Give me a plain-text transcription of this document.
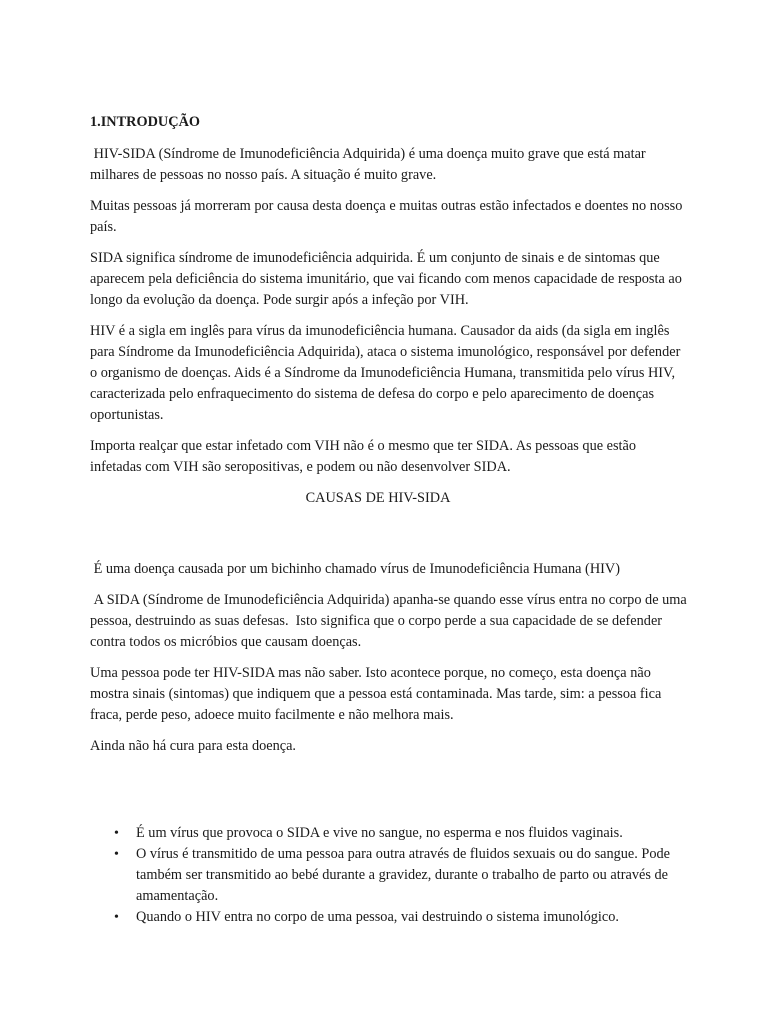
1.INTRODUÇÃO

HIV-SIDA (Síndrome de Imunodeficiência Adquirida) é uma doença muito grave que está matar milhares de pessoas no nosso país. A situação é muito grave.

Muitas pessoas já morreram por causa desta doença e muitas outras estão infectados e doentes no nosso país.

SIDA significa síndrome de imunodeficiência adquirida. É um conjunto de sinais e de sintomas que aparecem pela deficiência do sistema imunitário, que vai ficando com menos capacidade de resposta ao longo da evolução da doença. Pode surgir após a infeção por VIH.

HIV é a sigla em inglês para vírus da imunodeficiência humana. Causador da aids (da sigla em inglês para Síndrome da Imunodeficiência Adquirida), ataca o sistema imunológico, responsável por defender o organismo de doenças. Aids é a Síndrome da Imunodeficiência Humana, transmitida pelo vírus HIV, caracterizada pelo enfraquecimento do sistema de defesa do corpo e pelo aparecimento de doenças oportunistas.

Importa realçar que estar infetado com VIH não é o mesmo que ter SIDA. As pessoas que estão infetadas com VIH são seropositivas, e podem ou não desenvolver SIDA.

CAUSAS DE HIV-SIDA

É uma doença causada por um bichinho chamado vírus de Imunodeficiência Humana (HIV)

A SIDA (Síndrome de Imunodeficiência Adquirida) apanha-se quando esse vírus entra no corpo de uma pessoa, destruindo as suas defesas.  Isto significa que o corpo perde a sua capacidade de se defender contra todos os micróbios que causam doenças.

Uma pessoa pode ter HIV-SIDA mas não saber. Isto acontece porque, no começo, esta doença não mostra sinais (sintomas) que indiquem que a pessoa está contaminada. Mas tarde, sim: a pessoa fica fraca, perde peso, adoece muito facilmente e não melhora mais.

Ainda não há cura para esta doença.

• É um vírus que provoca o SIDA e vive no sangue, no esperma e nos fluidos vaginais.
• O vírus é transmitido de uma pessoa para outra através de fluidos sexuais ou do sangue. Pode também ser transmitido ao bebé durante a gravidez, durante o trabalho de parto ou através de amamentação.
• Quando o HIV entra no corpo de uma pessoa, vai destruindo o sistema imunológico.
